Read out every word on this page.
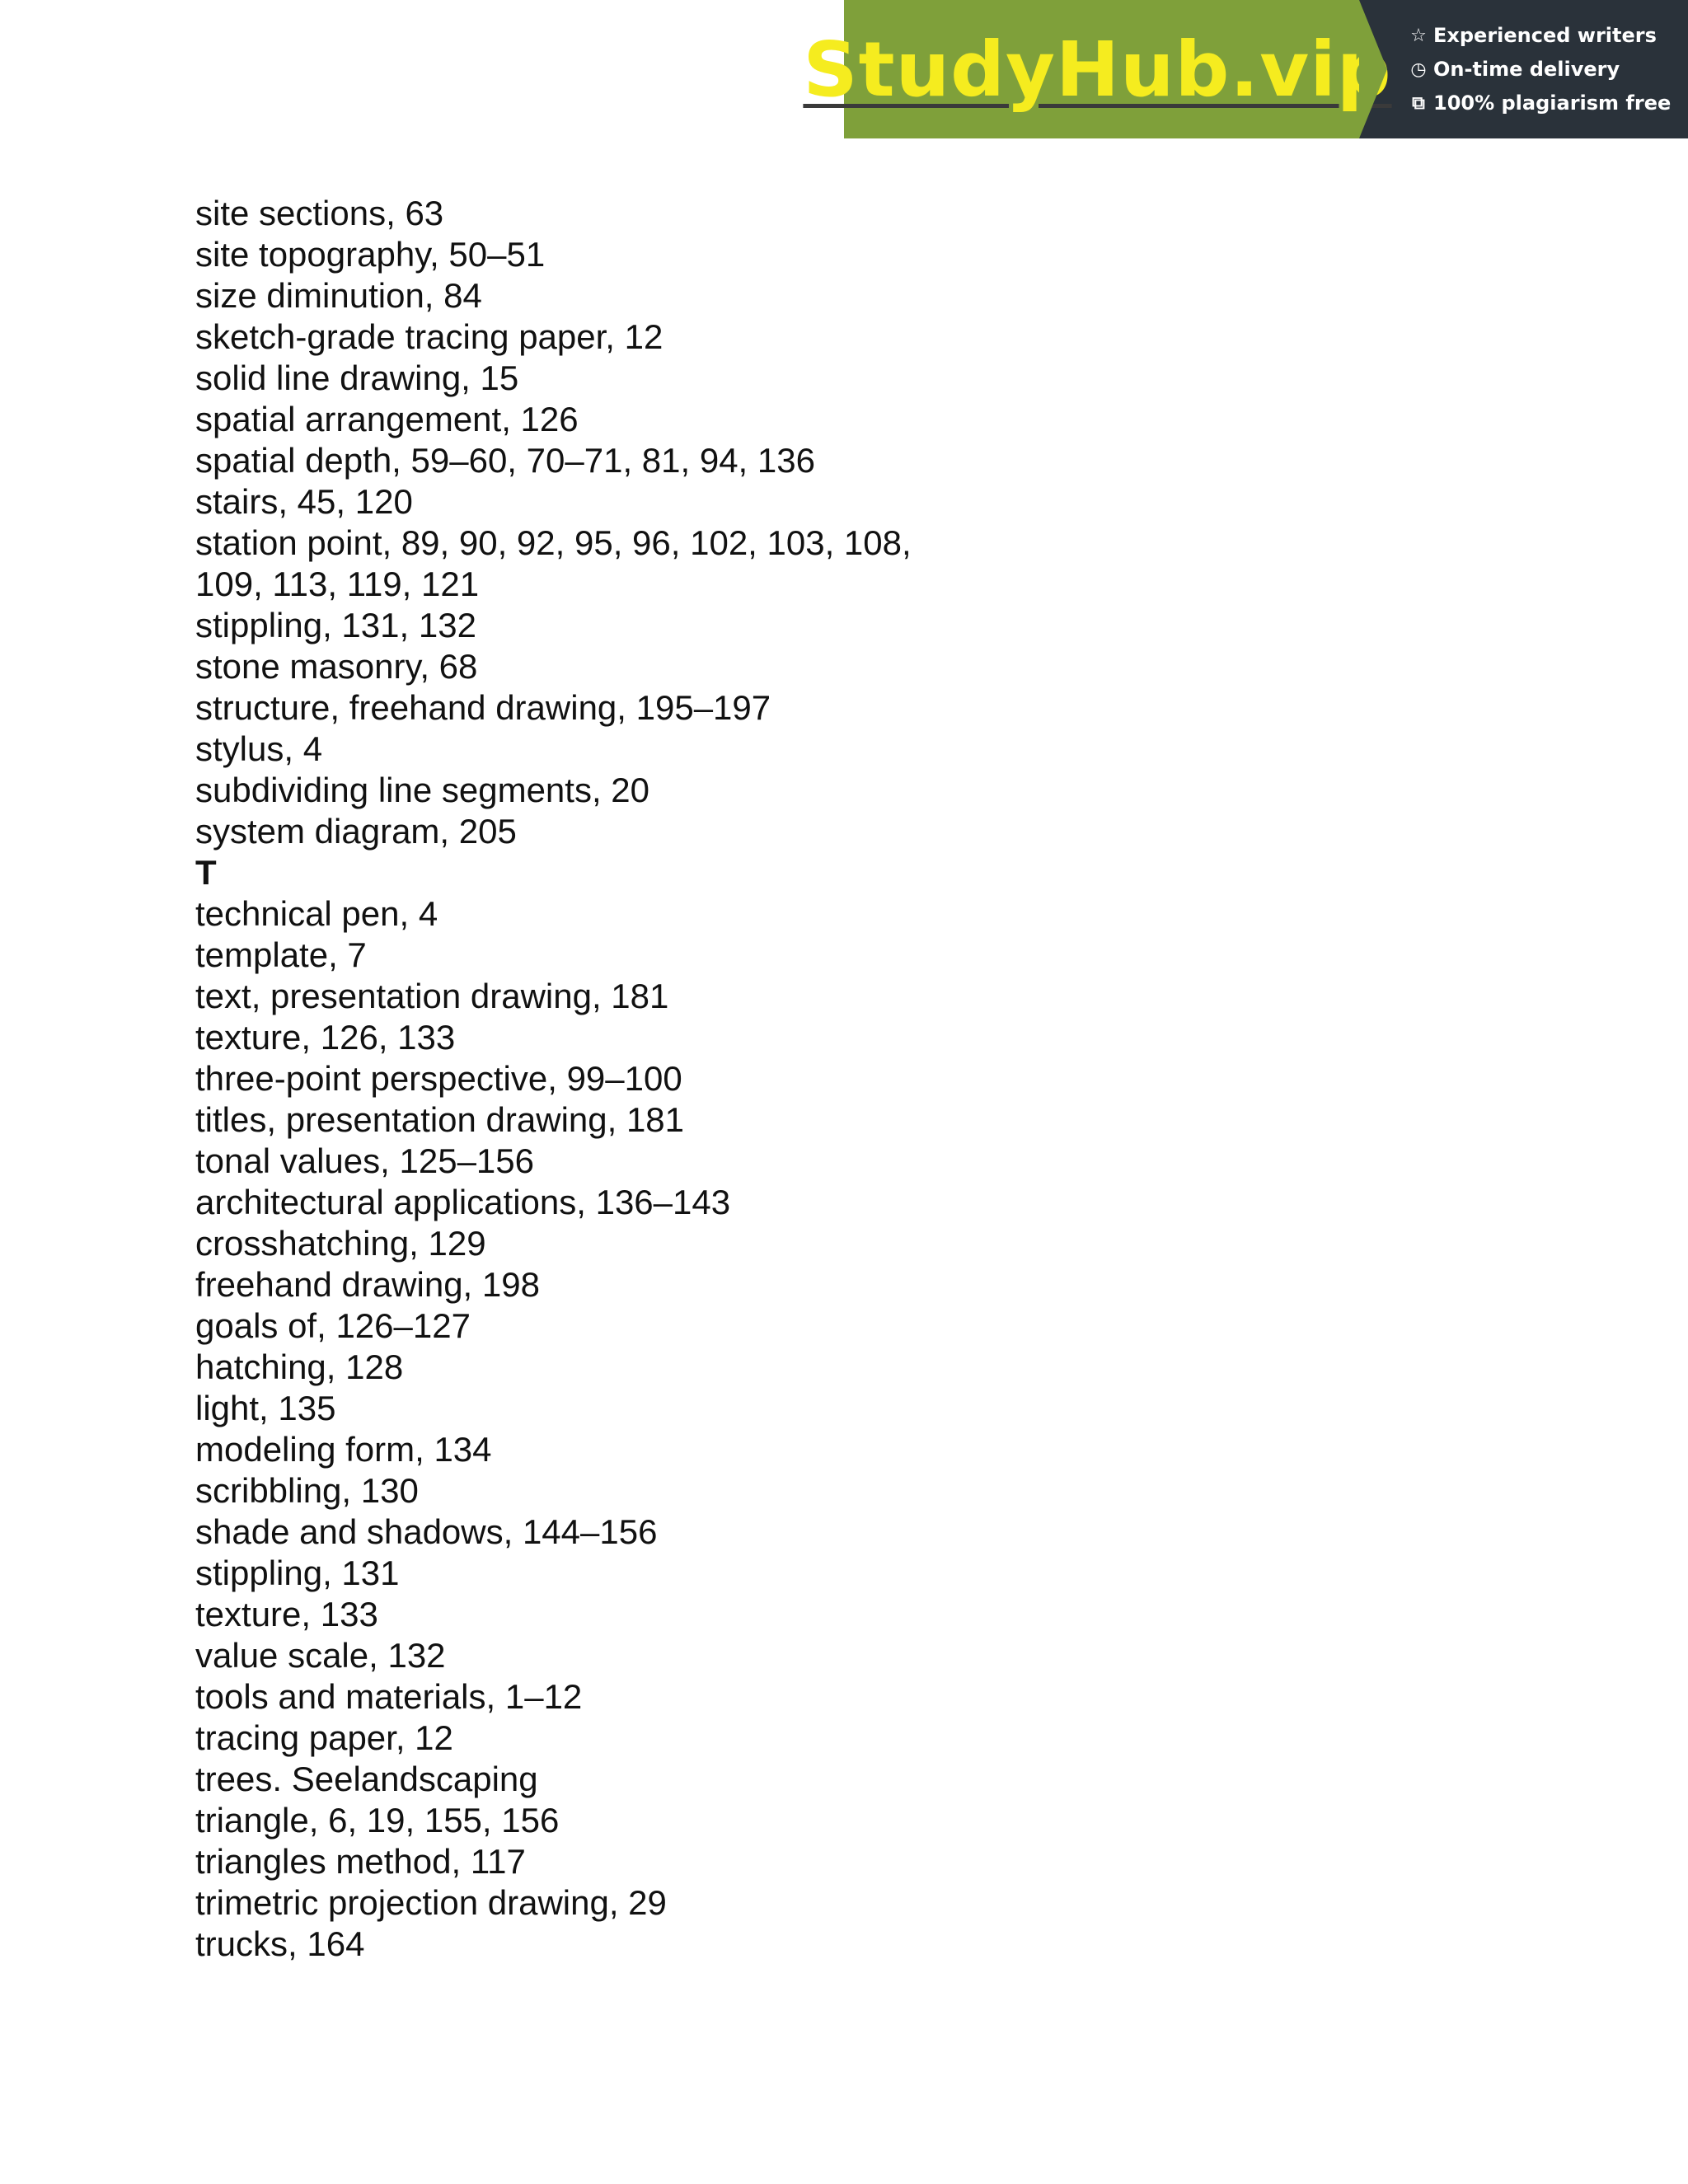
StudyHub.vip ☆ Experienced writers
◷ On-time delivery
⧉ 100% plagiarism free
site sections, 63
site topography, 50–51
size diminution, 84
sketch-grade tracing paper, 12
solid line drawing, 15
spatial arrangement, 126
spatial depth, 59–60, 70–71, 81, 94, 136
stairs, 45, 120
station point, 89, 90, 92, 95, 96, 102, 103, 108,
109, 113, 119, 121
stippling, 131, 132
stone masonry, 68
structure, freehand drawing, 195–197
stylus, 4
subdividing line segments, 20
system diagram, 205
T
technical pen, 4
template, 7
text, presentation drawing, 181
texture, 126, 133
three-point perspective, 99–100
titles, presentation drawing, 181
tonal values, 125–156
architectural applications, 136–143
crosshatching, 129
freehand drawing, 198
goals of, 126–127
hatching, 128
light, 135
modeling form, 134
scribbling, 130
shade and shadows, 144–156
stippling, 131
texture, 133
value scale, 132
tools and materials, 1–12
tracing paper, 12
trees. Seelandscaping
triangle, 6, 19, 155, 156
triangles method, 117
trimetric projection drawing, 29
trucks, 164
